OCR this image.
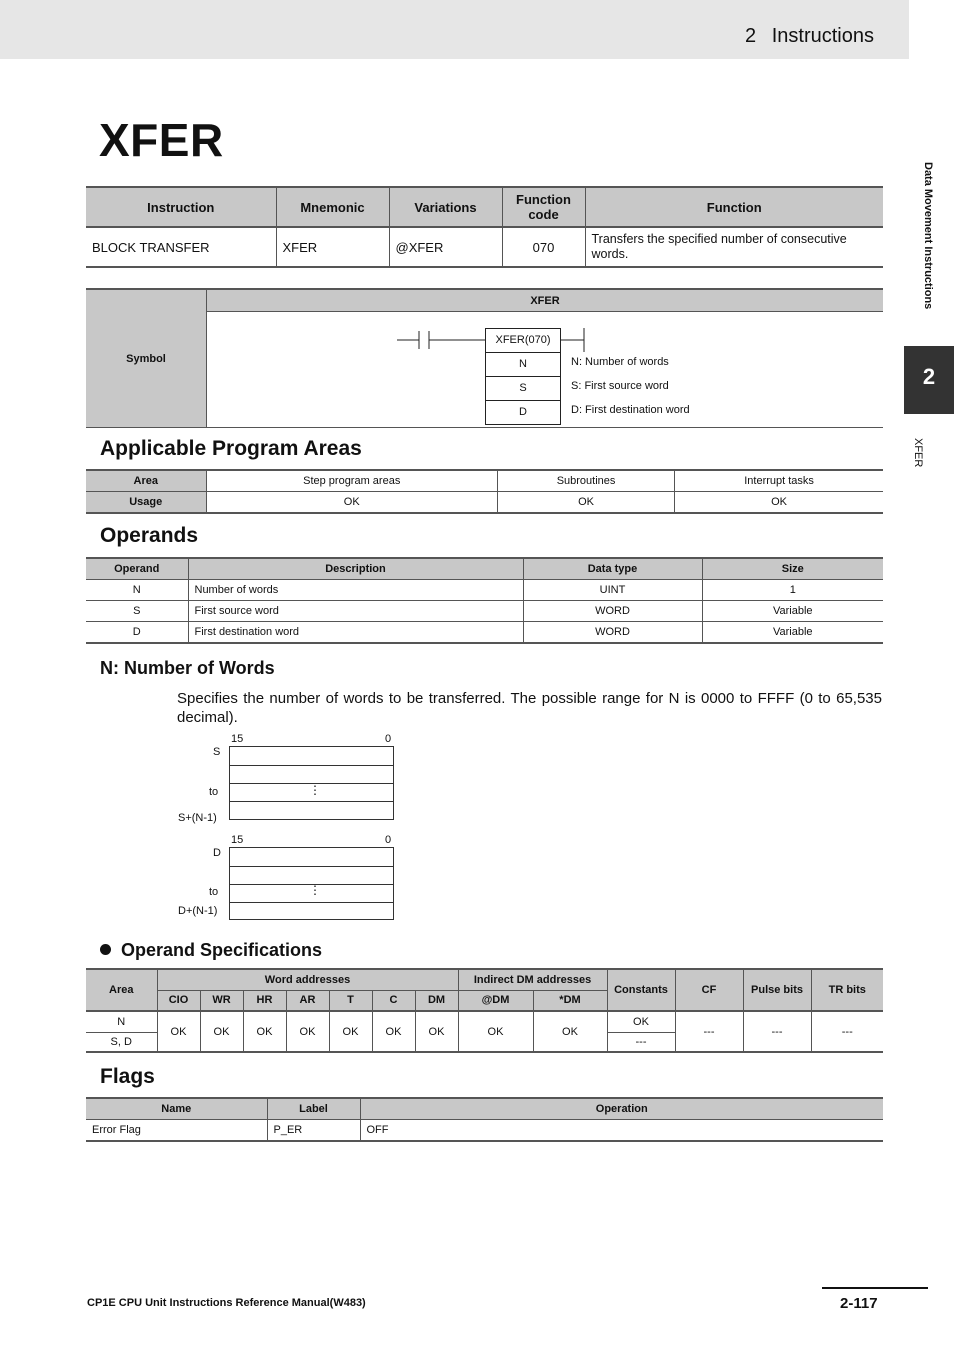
2 Instructions
Data Movement Instructions
2
XFER
XFER
Instruction	Mnemonic	Variations	Function code	Function
BLOCK TRANSFER	XFER	@XFER	070	Transfers the specified number of consecutive words.
Symbol	XFER

XFER(070)
N
S
D
N: Number of words
S: First source word
D: First destination word
Applicable Program Areas
Area	Step program areas	Subroutines	Interrupt tasks
Usage	OK	OK	OK
Operands
Operand	Description	Data type	Size
N	Number of words	UINT	1
S	First source word	WORD	Variable
D	First destination word	WORD	Variable
N: Number of Words
Specifies the number of words to be transferred. The possible range for N is 0000 to FFFF (0 to 65,535 decimal).
15	0
S
to
S+(N-1)
⋮
15	0
D
to
D+(N-1)
⋮
Operand Specifications
Area	Word addresses							Indirect DM addresses		Constants	CF	Pulse bits	TR bits
	CIO	WR	HR	AR	T	C	DM	@DM	*DM				
N	OK	OK	OK	OK	OK	OK	OK	OK	OK	OK	---	---	---
S, D										---			
Flags
Name	Label	Operation
Error Flag	P_ER	OFF
CP1E CPU Unit Instructions Reference Manual(W483)	2-117
